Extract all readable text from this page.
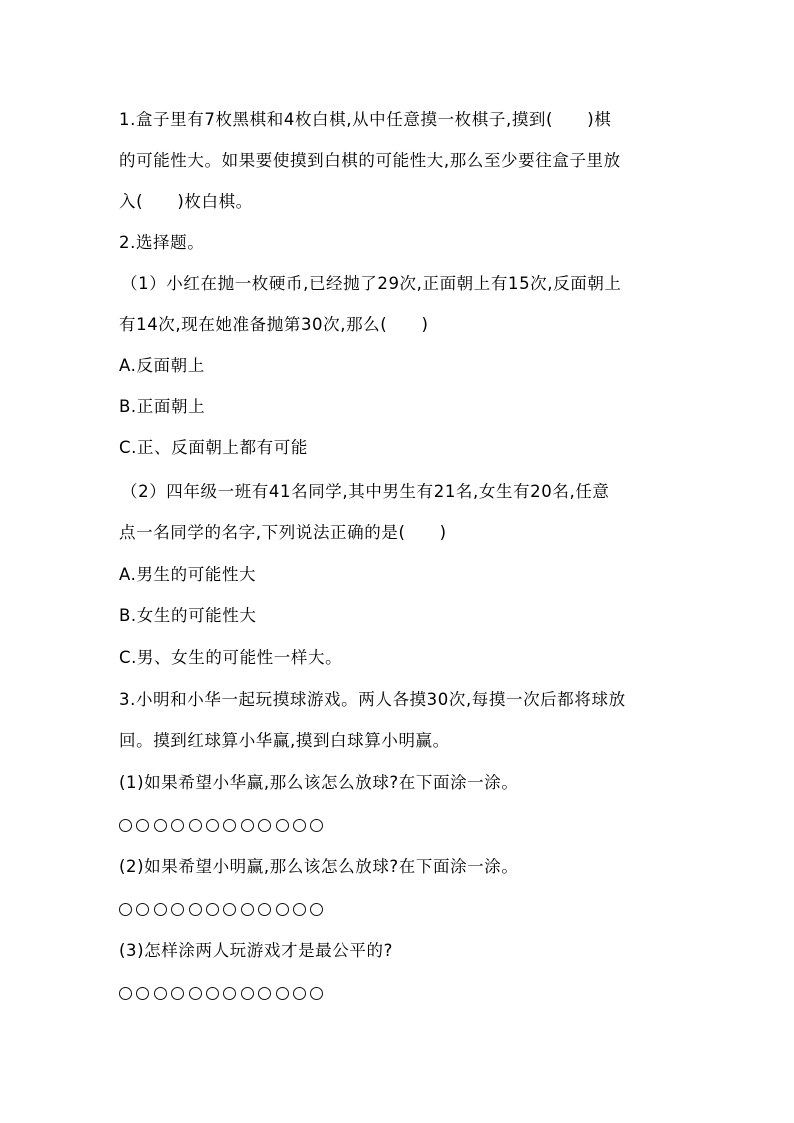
1.盒子里有7枚黑棋和4枚白棋,从中任意摸一枚棋子,摸到(　　)棋
的可能性大。如果要使摸到白棋的可能性大,那么至少要往盒子里放
入(　　)枚白棋。
2.选择题。
（1）小红在抛一枚硬币,已经抛了29次,正面朝上有15次,反面朝上
有14次,现在她准备抛第30次,那么(　　)
A.反面朝上
B.正面朝上
C.正、反面朝上都有可能
（2）四年级一班有41名同学,其中男生有21名,女生有20名,任意
点一名同学的名字,下列说法正确的是(　　)
A.男生的可能性大
B.女生的可能性大
C.男、女生的可能性一样大。
3.小明和小华一起玩摸球游戏。两人各摸30次,每摸一次后都将球放
回。摸到红球算小华赢,摸到白球算小明赢。
(1)如果希望小华赢,那么该怎么放球?在下面涂一涂。
(2)如果希望小明赢,那么该怎么放球?在下面涂一涂。
(3)怎样涂两人玩游戏才是最公平的?
